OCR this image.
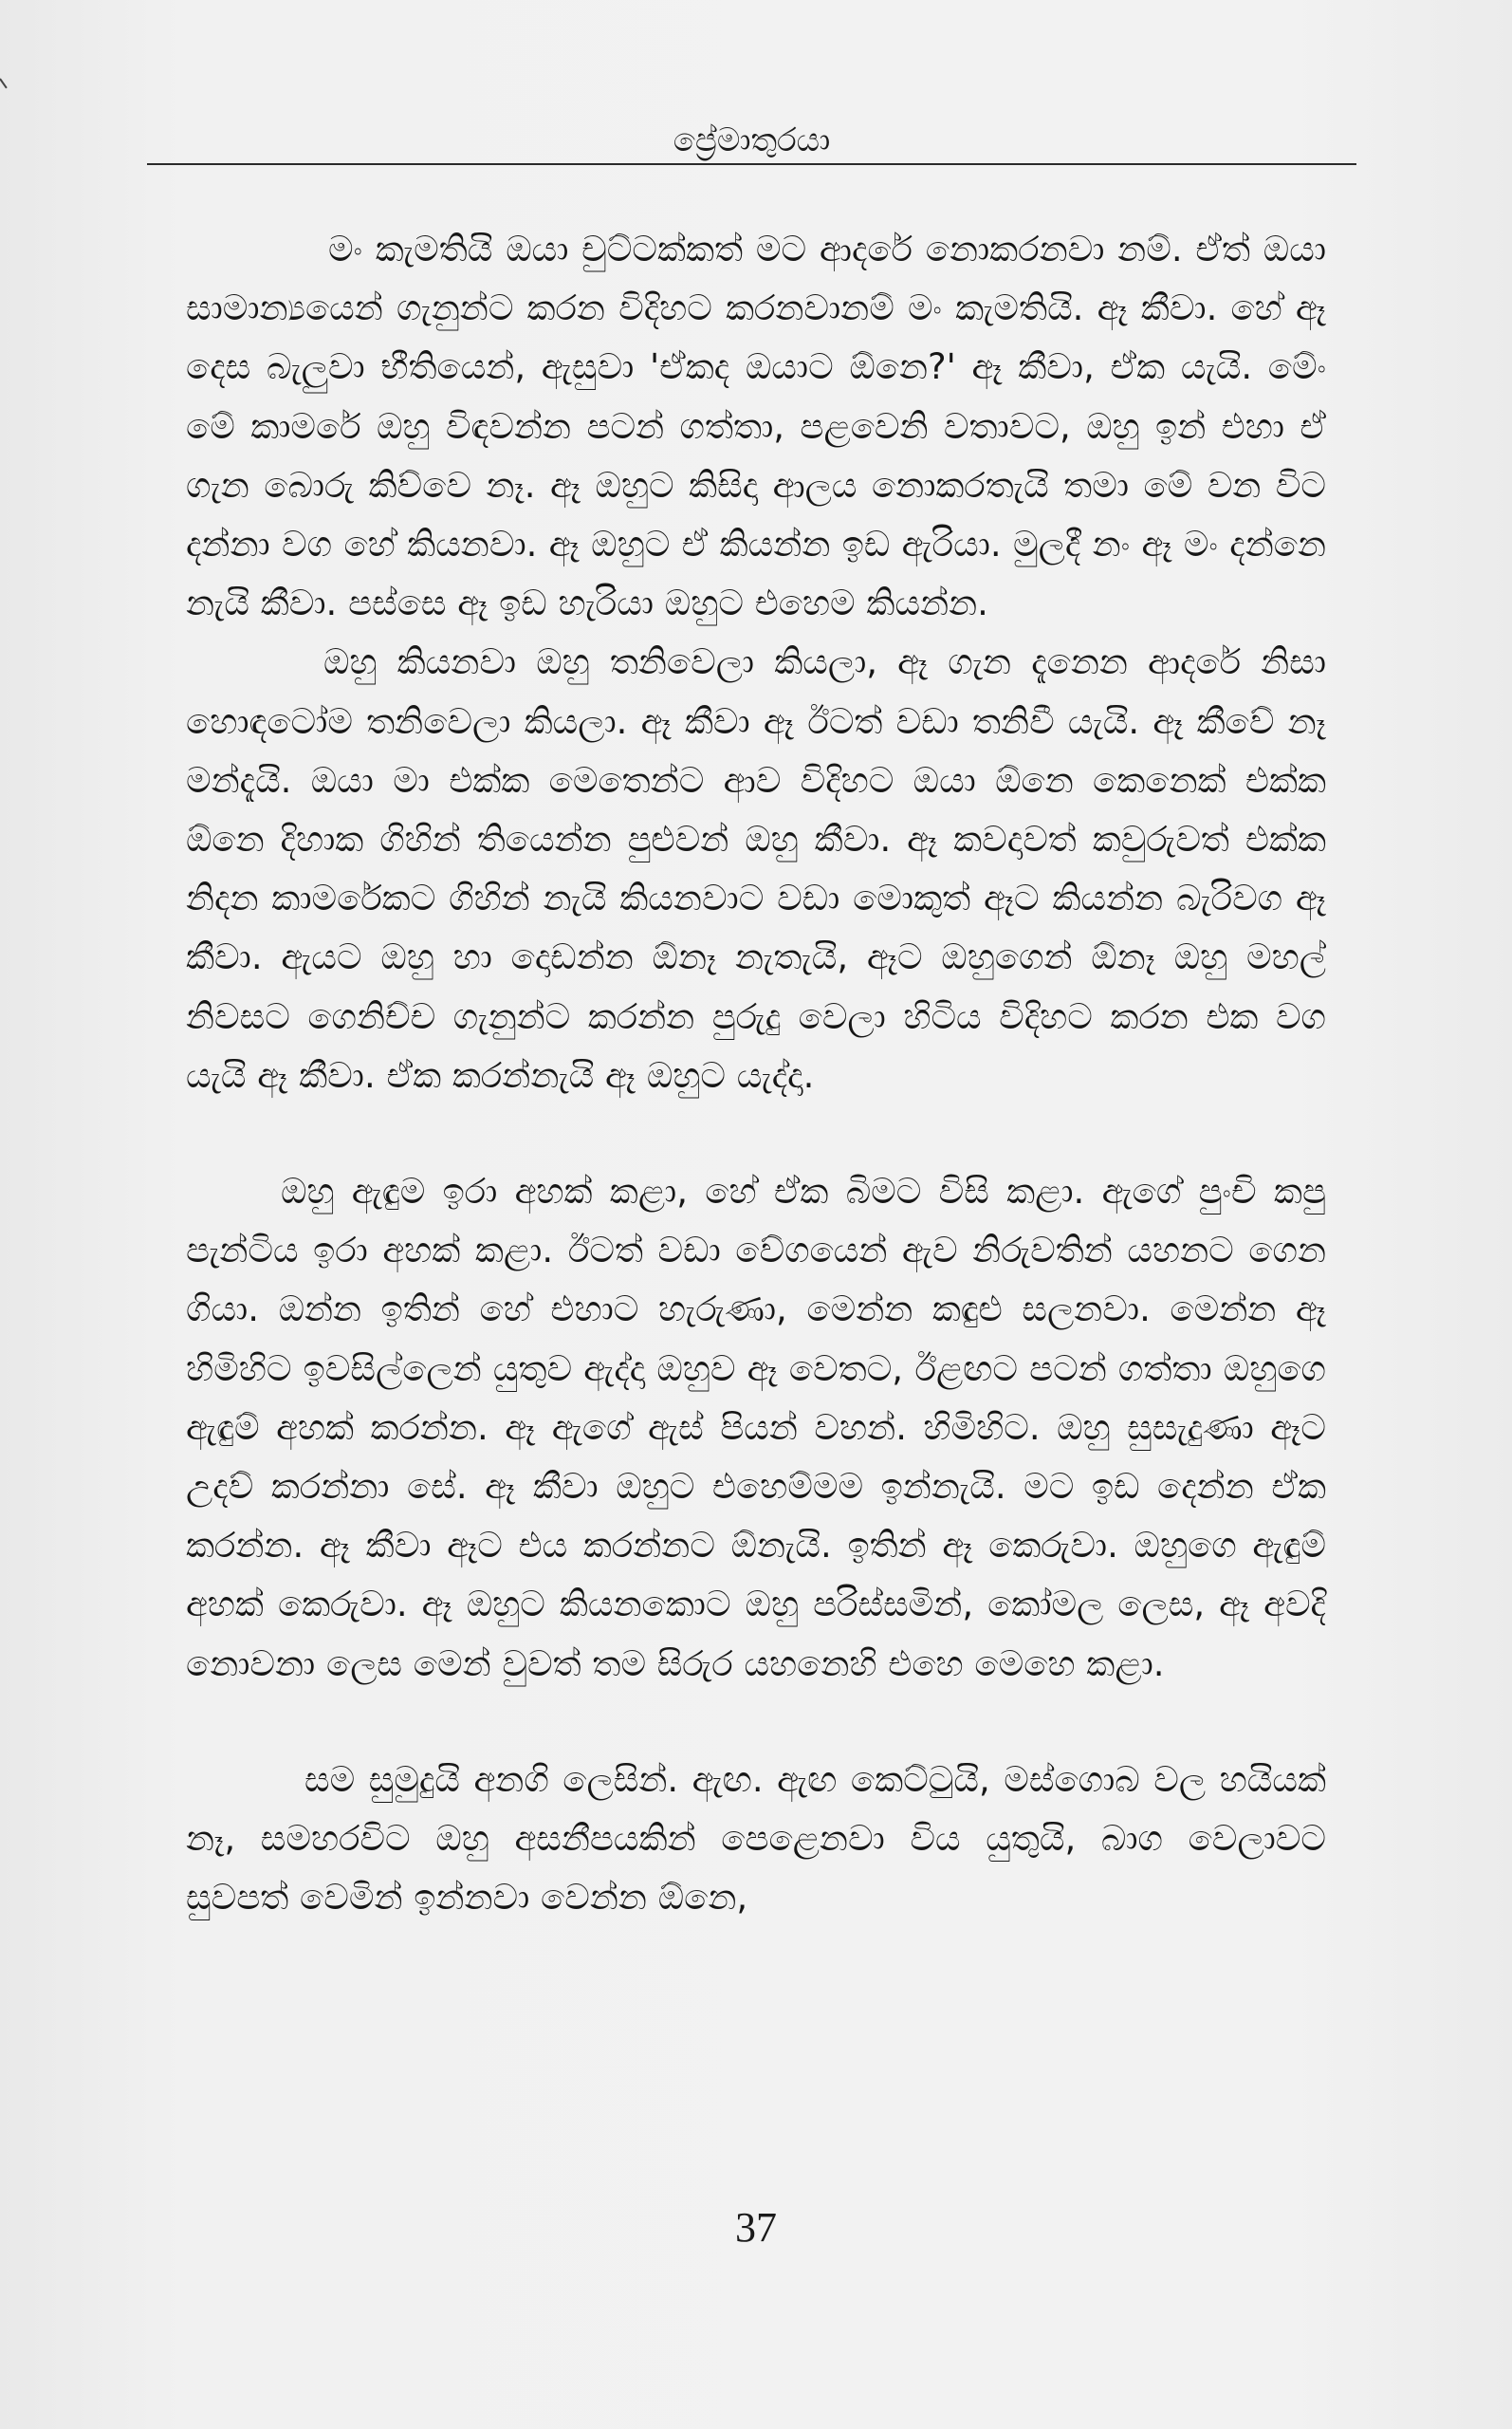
ප්‍රේමාතුරයා

මං කැමතියි ඔයා චුට්ටක්කත් මට ආදරේ නොකරනවා නම්. ඒත් ඔයා සාමාන්‍යයෙන් ගැනුන්ට කරන විදිහට කරනවානම් මං කැමතියි. ඈ කීවා. හේ ඈ දෙස බැලුවා භීතියෙන්, ඇසුවා 'ඒකද ඔයාට ඕනෙ?' ඈ කීවා, ඒක යැයි. මේං මේ කාමරේ ඔහු විඳවන්න පටන් ගත්තා, පළවෙනි වතාවට, ඔහු ඉන් එහා ඒ ගැන බොරු කිව්වෙ නෑ. ඈ ඔහුට කිසිදා ආලය නොකරතැයි තමා මේ වන විට දන්නා වග හේ කියනවා. ඈ ඔහුට ඒ කියන්න ඉඩ ඇරියා. මුලදී නං ඈ මං දන්නෙ නැයි කීවා. පස්සෙ ඈ ඉඩ හැරියා ඔහුට එහෙම කියන්න.

ඔහු කියනවා ඔහු තනිවෙලා කියලා, ඈ ගැන දැනෙන ආදරේ නිසා හොඳටෝම තනිවෙලා කියලා. ඈ කීවා ඈ ඊටත් වඩා තනිවී යැයි. ඈ කීවේ නෑ මන්දැයි. ඔයා මා එක්ක මෙතෙන්ට ආව විදිහට ඔයා ඕනෙ කෙනෙක් එක්ක ඕනෙ දිහාක ගිහින් තියෙන්න පුළුවන් ඔහු කීවා. ඈ කවදාවත් කවුරුවත් එක්ක නිදන කාමරේකට ගිහින් නැයි කියනවාට වඩා මොකුත් ඈට කියන්න බැරිවග ඈ කීවා. ඇයට ඔහු හා දොඩන්න ඕනෑ නැතැයි, ඈට ඔහුගෙන් ඕනෑ ඔහු මහල් නිවසට ගෙනිච්ච ගැනුන්ට කරන්න පුරුදු වෙලා හිටිය විදිහට කරන එක වග යැයි ඈ කීවා. ඒක කරන්නැයි ඈ ඔහුට යැද්දා.

ඔහු ඇඳුම ඉරා අහක් කළා, හේ ඒක බිමට විසි කළා. ඇගේ පුංචි කපු පැන්ටිය ඉරා අහක් කළා. ඊටත් වඩා වේගයෙන් ඇව නිරුවතින් යහනට ගෙන ගියා. ඔන්න ඉතින් හේ එහාට හැරුණා, මෙන්න කඳුළු සලනවා. මෙන්න ඈ හිමිහිට ඉවසිල්ලෙන් යුතුව ඇද්දා ඔහුව ඈ වෙතට, ඊළඟට පටන් ගත්තා ඔහුගෙ ඇඳුම් අහක් කරන්න. ඈ ඇගේ ඇස් පියන් වහන්. හිමිහිට. ඔහු සුසැදුණා ඈට උදව් කරන්නා සේ. ඈ කීවා ඔහුට එහෙම්මම ඉන්නැයි. මට ඉඩ දෙන්න ඒක කරන්න. ඈ කීවා ඈට එය කරන්නට ඕනැයි. ඉතින් ඈ කෙරුවා. ඔහුගෙ ඇඳුම් අහක් කෙරුවා. ඈ ඔහුට කියනකොට ඔහු පරිස්සමින්, කෝමල ලෙස, ඈ අවදි නොවනා ලෙස මෙන් වුවත් තම සිරුර යහනෙහි එහෙ මෙහෙ කළා.

සම සුමුදුයි අනගි ලෙසින්. ඇඟ. ඇඟ කෙට්ටුයි, මස්ගොබ වල හයියක් නෑ, සමහරවිට ඔහු අසනීපයකින් පෙළෙනවා විය යුතුයි, බාග වෙලාවට සුවපත් වෙමින් ඉන්නවා වෙන්න ඕනෙ,

37
